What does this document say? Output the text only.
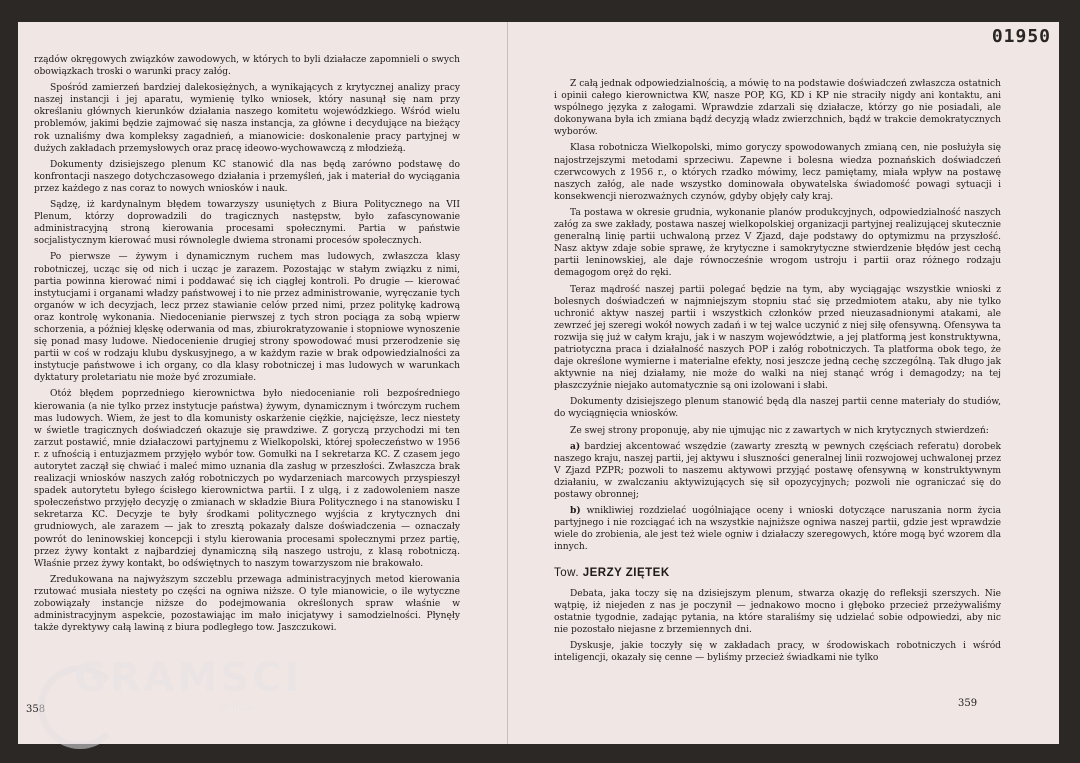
rządów okręgowych związków zawodowych, w których to byli działacze zapomnieli o swych obowiązkach troski o warunki pracy załóg.

Spośród zamierzeń bardziej dalekosiężnych, a wynikających z krytycznej analizy pracy naszej instancji i jej aparatu, wymienię tylko wniosek, który nasunął się nam przy określaniu głównych kierunków działania naszego komitetu wojewódzkiego. Wśród wielu problemów, jakimi będzie zajmować się nasza instancja, za główne i decydujące na bieżący rok uznaliśmy dwa kompleksy zagadnień, a mianowicie: doskonalenie pracy partyjnej w dużych zakładach przemysłowych oraz pracę ideowo-wychowawczą z młodzieżą.

Dokumenty dzisiejszego plenum KC stanowić dla nas będą zarówno podstawę do konfrontacji naszego dotychczasowego działania i przemyśleń, jak i materiał do wyciągania przez każdego z nas coraz to nowych wniosków i nauk.

Sądzę, iż kardynalnym błędem towarzyszy usuniętych z Biura Politycznego na VII Plenum, którzy doprowadzili do tragicznych następstw, było zafascynowanie administracyjną stroną kierowania procesami społecznymi. Partia w państwie socjalistycznym kierować musi równolegle dwiema stronami procesów społecznych.

Po pierwsze — żywym i dynamicznym ruchem mas ludowych, zwłaszcza klasy robotniczej, ucząc się od nich i ucząc je zarazem. Pozostając w stałym związku z nimi, partia powinna kierować nimi i poddawać się ich ciągłej kontroli. Po drugie — kierować instytucjami i organami władzy państwowej i to nie przez administrowanie, wyręczanie tych organów w ich decyzjach, lecz przez stawianie celów przed nimi, przez politykę kadrową oraz kontrolę wykonania. Niedocenianie pierwszej z tych stron pociąga za sobą wpierw schorzenia, a później klęskę oderwania od mas, zbiurokratyzowanie i stopniowe wynoszenie się ponad masy ludowe. Niedocenienie drugiej strony spowodować musi przerodzenie się partii w coś w rodzaju klubu dyskusyjnego, a w każdym razie w brak odpowiedzialności za instytucje państwowe i ich organy, co dla klasy robotniczej i mas ludowych w warunkach dyktatury proletariatu nie może być zrozumiałe.

Otóż błędem poprzedniego kierownictwa było niedocenianie roli bezpośredniego kierowania (a nie tylko przez instytucje państwa) żywym, dynamicznym i twórczym ruchem mas ludowych. Wiem, że jest to dla komunisty oskarżenie ciężkie, najcięższe, lecz niestety w świetle tragicznych doświadczeń okazuje się prawdziwe. Z goryczą przychodzi mi ten zarzut postawić, mnie działaczowi partyjnemu z Wielkopolski, której społeczeństwo w 1956 r. z ufnością i entuzjazmem przyjęło wybór tow. Gomułki na I sekretarza KC. Z czasem jego autorytet zaczął się chwiać i maleć mimo uznania dla zasług w przeszłości. Zwłaszcza brak realizacji wniosków naszych załóg robotniczych po wydarzeniach marcowych przyspieszył spadek autorytetu byłego ścisłego kierownictwa partii. I z ulgą, i z zadowoleniem nasze społeczeństwo przyjęło decyzję o zmianach w składzie Biura Politycznego i na stanowisku I sekretarza KC. Decyzje te były środkami politycznego wyjścia z krytycznych dni grudniowych, ale zarazem — jak to zresztą pokazały dalsze doświadczenia — oznaczały powrót do leninowskiej koncepcji i stylu kierowania procesami społecznymi przez partię, przez żywy kontakt z najbardziej dynamiczną siłą naszego ustroju, z klasą robotniczą. Właśnie przez żywy kontakt, bo odświętnych to naszym towarzyszom nie brakowało.

Zredukowana na najwyższym szczeblu przewaga administracyjnych metod kierowania rzutować musiała niestety po części na ogniwa niższe. O tyle mianowicie, o ile wytyczne zobowiązały instancje niższe do podejmowania określonych spraw właśnie w administracyjnym aspekcie, pozostawiając im mało inicjatywy i samodzielności. Płynęły także dyrektywy całą lawiną z biura podległego tow. Jaszczukowi.

358
01950

Z całą jednak odpowiedzialnością, a mówię to na podstawie doświadczeń zwłaszcza ostatnich i opinii całego kierownictwa KW, nasze POP, KG, KD i KP nie straciły nigdy ani kontaktu, ani wspólnego języka z załogami. Wprawdzie zdarzali się działacze, którzy go nie posiadali, ale dokonywana była ich zmiana bądź decyzją władz zwierzchnich, bądź w trakcie demokratycznych wyborów.

Klasa robotnicza Wielkopolski, mimo goryczy spowodowanych zmianą cen, nie posłużyła się najostrzejszymi metodami sprzeciwu. Zapewne i bolesna wiedza poznańskich doświadczeń czerwcowych z 1956 r., o których rzadko mówimy, lecz pamiętamy, miała wpływ na postawę naszych załóg, ale nade wszystko dominowała obywatelska świadomość powagi sytuacji i konsekwencji nierozważnych czynów, gdyby objęły cały kraj.

Ta postawa w okresie grudnia, wykonanie planów produkcyjnych, odpowiedzialność naszych załóg za swe zakłady, postawa naszej wielkopolskiej organizacji partyjnej realizującej skutecznie generalną linię partii uchwaloną przez V Zjazd, daje podstawy do optymizmu na przyszłość. Nasz aktyw zdaje sobie sprawę, że krytyczne i samokrytyczne stwierdzenie błędów jest cechą partii leninowskiej, ale daje równocześnie wrogom ustroju i partii oraz różnego rodzaju demagogom oręż do ręki.

Teraz mądrość naszej partii polegać będzie na tym, aby wyciągając wszystkie wnioski z bolesnych doświadczeń w najmniejszym stopniu stać się przedmiotem ataku, aby nie tylko uchronić aktyw naszej partii i wszystkich członków przed nieuzasadnionymi atakami, ale zewrzeć jej szeregi wokół nowych zadań i w tej walce uczynić z niej siłę ofensywną. Ofensywa ta rozwija się już w całym kraju, jak i w naszym województwie, a jej platformą jest konstruktywna, patriotyczna praca i działalność naszych POP i załóg robotniczych. Ta platforma obok tego, że daje określone wymierne i materialne efekty, nosi jeszcze jedną cechę szczególną. Tak długo jak aktywnie na niej działamy, nie może do walki na niej stanąć wróg i demagodzy; na tej płaszczyźnie niejako automatycznie są oni izolowani i słabi.

Dokumenty dzisiejszego plenum stanowić będą dla naszej partii cenne materiały do studiów, do wyciągnięcia wniosków.

Ze swej strony proponuję, aby nie ujmując nic z zawartych w nich krytycznych stwierdzeń:

a) bardziej akcentować wszędzie (zawarty zresztą w pewnych częściach referatu) dorobek naszego kraju, naszej partii, jej aktywu i słuszności generalnej linii rozwojowej uchwalonej przez V Zjazd PZPR; pozwoli to naszemu aktywowi przyjąć postawę ofensywną w konstruktywnym działaniu, w zwalczaniu aktywizujących się sił opozycyjnych; pozwoli nie ograniczać się do postawy obronnej;

b) wnikliwiej rozdzielać uogólniające oceny i wnioski dotyczące naruszania norm życia partyjnego i nie rozciągać ich na wszystkie najniższe ogniwa naszej partii, gdzie jest wprawdzie wiele do zrobienia, ale jest też wiele ogniw i działaczy szeregowych, które mogą być wzorem dla innych.

Tow. JERZY ZIĘTEK

Debata, jaka toczy się na dzisiejszym plenum, stwarza okazję do refleksji szerszych. Nie wątpię, iż niejeden z nas je poczynił — jednakowo mocno i głęboko przecież przeżywaliśmy ostatnie tygodnie, zadając pytania, na które staraliśmy się udzielać sobie odpowiedzi, aby nic nie pozostało niejasne z brzemiennych dni.

Dyskusje, jakie toczyły się w zakładach pracy, w środowiskach robotniczych i wśród inteligencji, okazały się cenne — byliśmy przecież świadkami nie tylko

359
GRAMSCI
onlus
